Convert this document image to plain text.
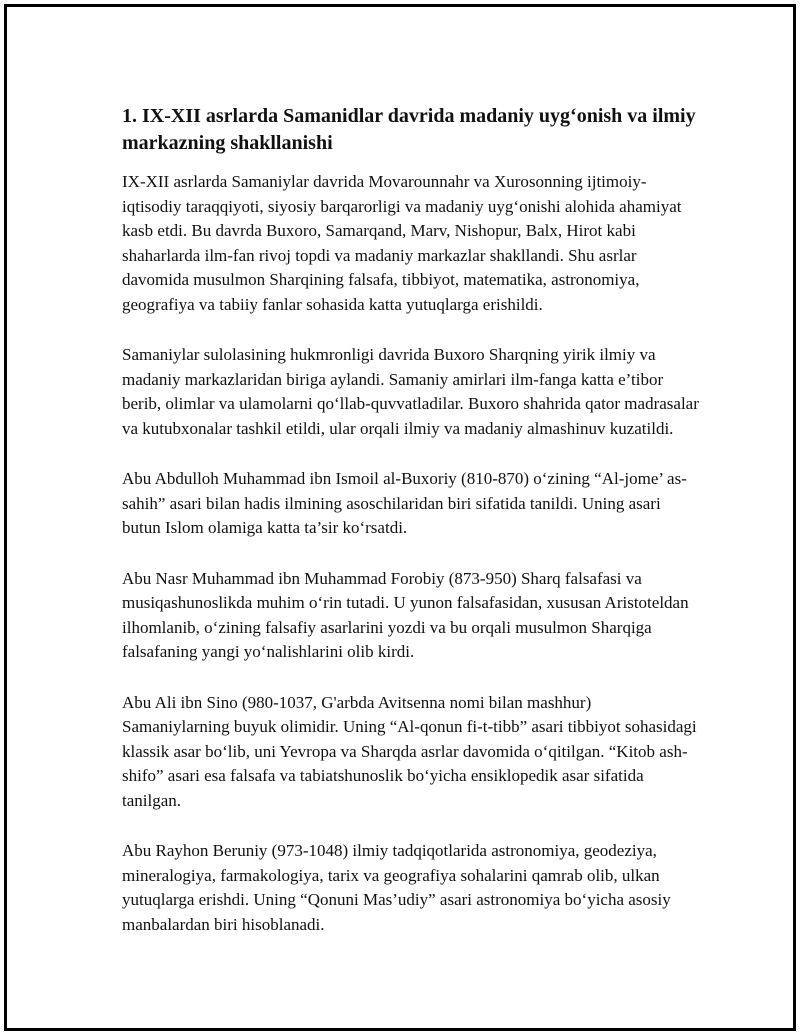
1. IX-XII asrlarda Samanidlar davrida madaniy uyg‘onish va ilmiy markazning shakllanishi

IX-XII asrlarda Samaniylar davrida Movarounnahr va Xurosonning ijtimoiy-iqtisodiy taraqqiyoti, siyosiy barqarorligi va madaniy uyg‘onishi alohida ahamiyat kasb etdi. Bu davrda Buxoro, Samarqand, Marv, Nishopur, Balx, Hirot kabi shaharlarda ilm-fan rivoj topdi va madaniy markazlar shakllandi. Shu asrlar davomida musulmon Sharqining falsafa, tibbiyot, matematika, astronomiya, geografiya va tabiiy fanlar sohasida katta yutuqlarga erishildi.

Samaniylar sulolasining hukmronligi davrida Buxoro Sharqning yirik ilmiy va madaniy markazlaridan biriga aylandi. Samaniy amirlari ilm-fanga katta e’tibor berib, olimlar va ulamolarni qo‘llab-quvvatladilar. Buxoro shahrida qator madrasalar va kutubxonalar tashkil etildi, ular orqali ilmiy va madaniy almashinuv kuzatildi.

Abu Abdulloh Muhammad ibn Ismoil al-Buxoriy (810-870) o‘zining “Al-jome’ as-sahih” asari bilan hadis ilmining asoschilaridan biri sifatida tanildi. Uning asari butun Islom olamiga katta ta’sir ko‘rsatdi.

Abu Nasr Muhammad ibn Muhammad Forobiy (873-950) Sharq falsafasi va musiqashunoslikda muhim o‘rin tutadi. U yunon falsafasidan, xususan Aristoteldan ilhomlanib, o‘zining falsafiy asarlarini yozdi va bu orqali musulmon Sharqiga falsafaning yangi yo‘nalishlarini olib kirdi.

Abu Ali ibn Sino (980-1037, G'arbda Avitsenna nomi bilan mashhur) Samaniylarning buyuk olimidir. Uning “Al-qonun fi-t-tibb” asari tibbiyot sohasidagi klassik asar bo‘lib, uni Yevropa va Sharqda asrlar davomida o‘qitilgan. “Kitob ash-shifo” asari esa falsafa va tabiatshunoslik bo‘yicha ensiklopedik asar sifatida tanilgan.

Abu Rayhon Beruniy (973-1048) ilmiy tadqiqotlarida astronomiya, geodeziya, mineralogiya, farmakologiya, tarix va geografiya sohalarini qamrab olib, ulkan yutuqlarga erishdi. Uning “Qonuni Mas’udiy” asari astronomiya bo‘yicha asosiy manbalardan biri hisoblanadi.
